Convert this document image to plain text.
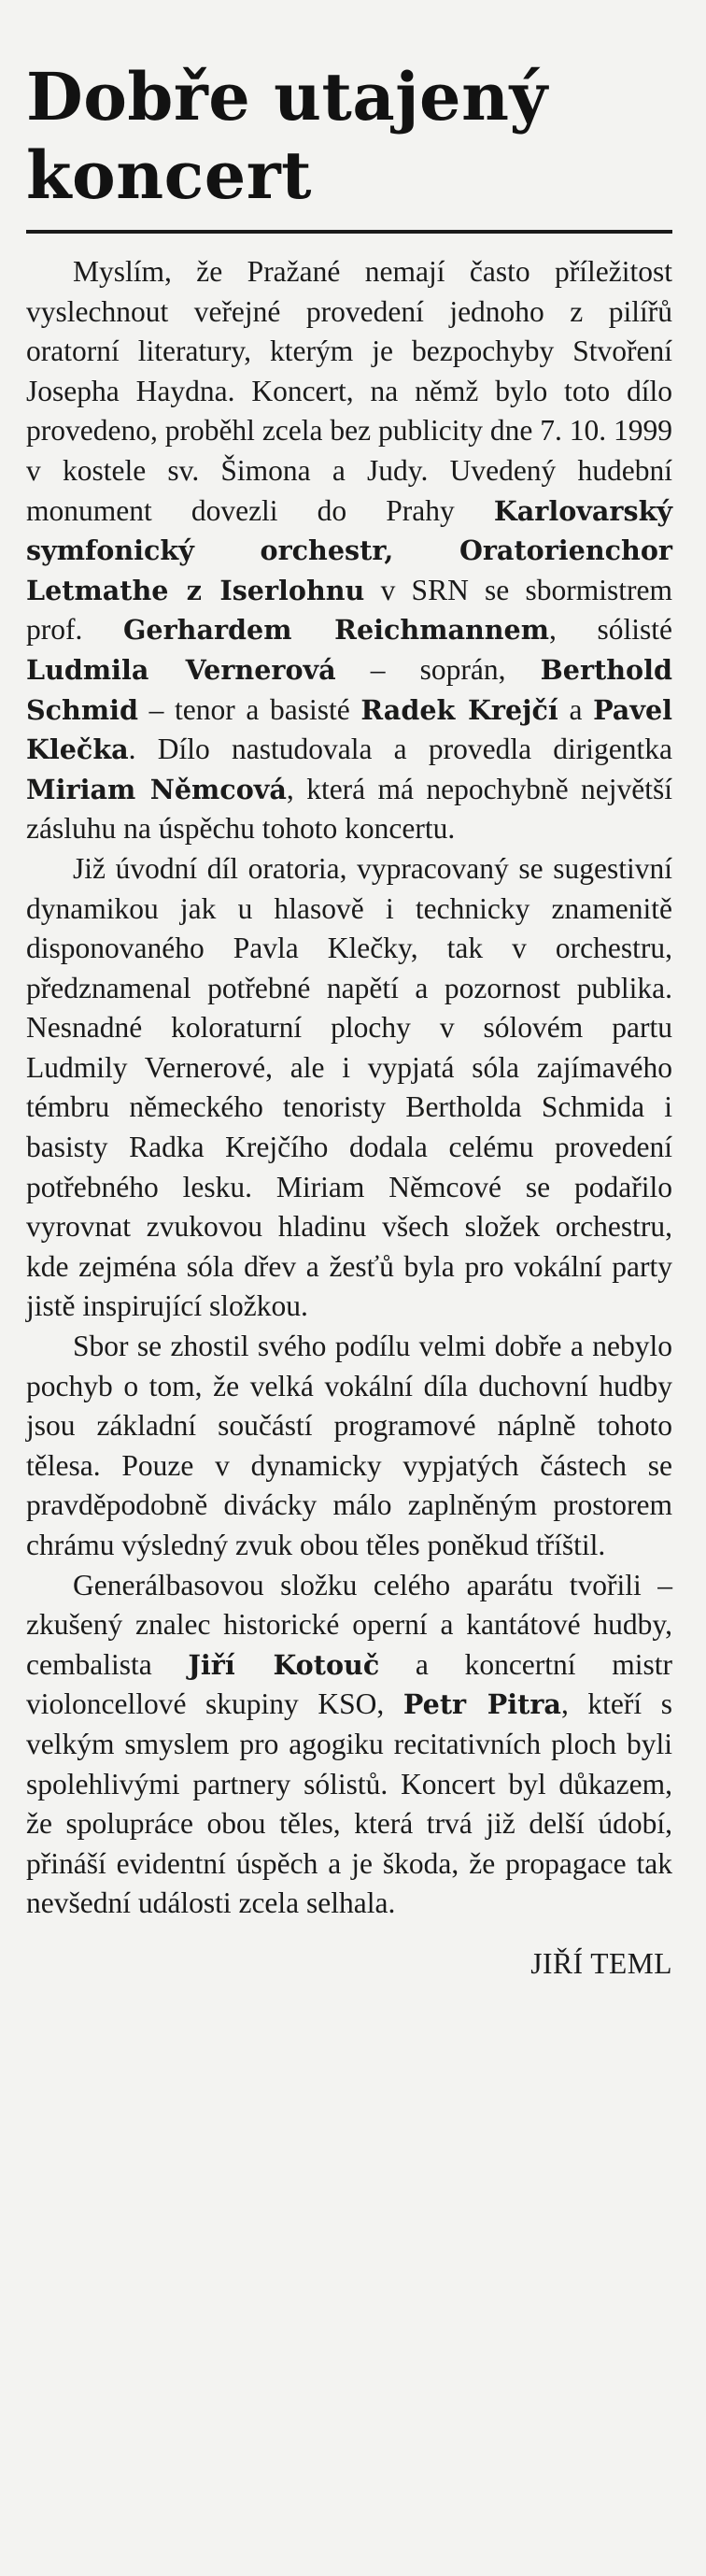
Dobře utajený koncert

Myslím, že Pražané nemají často příležitost vyslechnout veřejné provedení jednoho z pilířů oratorní literatury, kterým je bezpochyby Stvoření Josepha Haydna. Koncert, na němž bylo toto dílo provedeno, proběhl zcela bez publicity dne 7. 10. 1999 v kostele sv. Šimona a Judy. Uvedený hudební monument dovezli do Prahy Karlovarský symfonický orchestr, Oratorienchor Letmathe z Iserlohnu v SRN se sbormistrem prof. Gerhardem Reichmannem, sólisté Ludmila Vernerová – soprán, Berthold Schmid – tenor a basisté Radek Krejčí a Pavel Klečka. Dílo nastudovala a provedla dirigentka Miriam Němcová, která má nepochybně největší zásluhu na úspěchu tohoto koncertu.

Již úvodní díl oratoria, vypracovaný se sugestivní dynamikou jak u hlasově i technicky znamenitě disponovaného Pavla Klečky, tak v orchestru, předznamenal potřebné napětí a pozornost publika. Nesnadné koloraturní plochy v sólovém partu Ludmily Vernerové, ale i vypjatá sóla zajímavého témbru německého tenoristy Bertholda Schmida i basisty Radka Krejčího dodala celému provedení potřebného lesku. Miriam Němcové se podařilo vyrovnat zvukovou hladinu všech složek orchestru, kde zejména sóla dřev a žesťů byla pro vokální party jistě inspirující složkou.

Sbor se zhostil svého podílu velmi dobře a nebylo pochyb o tom, že velká vokální díla duchovní hudby jsou základní součástí programové náplně tohoto tělesa. Pouze v dynamicky vypjatých částech se pravděpodobně divácky málo zaplněným prostorem chrámu výsledný zvuk obou těles poněkud tříštil.

Generálbasovou složku celého aparátu tvořili – zkušený znalec historické operní a kantátové hudby, cembalista Jiří Kotouč a koncertní mistr violoncellové skupiny KSO, Petr Pitra, kteří s velkým smyslem pro agogiku recitativních ploch byli spolehlivými partnery sólistů. Koncert byl důkazem, že spolupráce obou těles, která trvá již delší údobí, přináší evidentní úspěch a je škoda, že propagace tak nevšední události zcela selhala.

JIŘÍ TEML
